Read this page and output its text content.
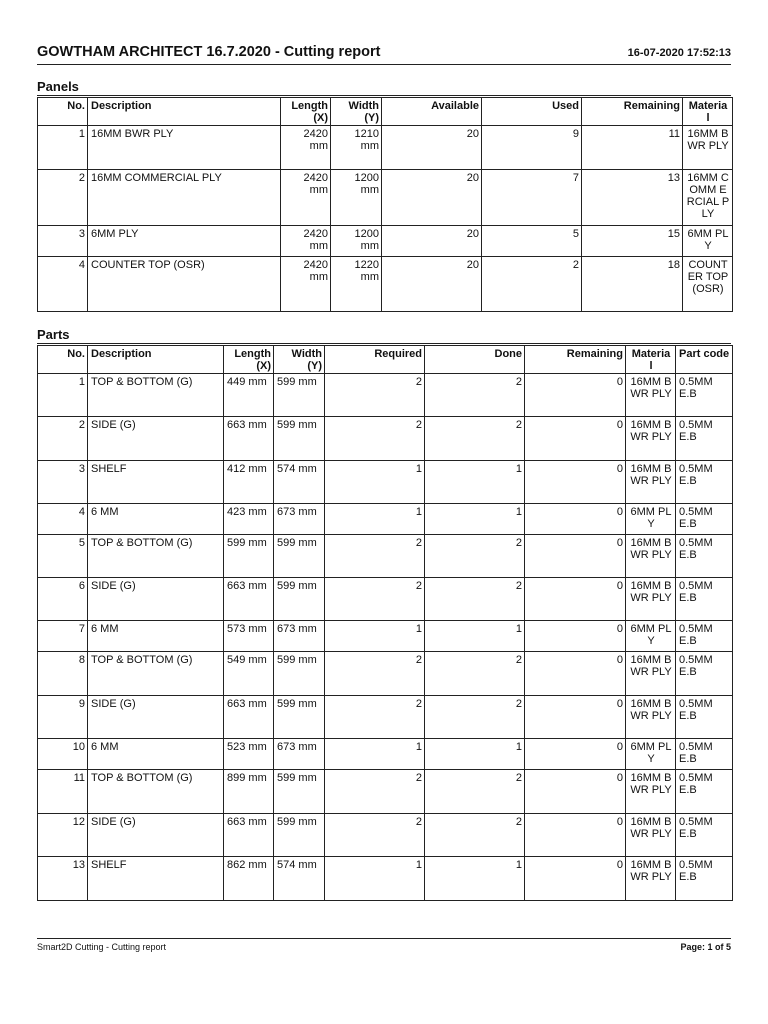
GOWTHAM ARCHITECT 16.7.2020 - Cutting report	16-07-2020 17:52:13
Panels
No.	Description	Length (X)	Width (Y)	Available	Used	Remaining	Materia l
1	16MM BWR PLY	2420 mm	1210 mm	20	9	11	16MM BWR PLY
2	16MM COMMERCIAL PLY	2420 mm	1200 mm	20	7	13	16MM COMM ERCIAL PLY
3	6MM PLY	2420 mm	1200 mm	20	5	15	6MM PLY
4	COUNTER TOP (OSR)	2420 mm	1220 mm	20	2	18	COUNT ER TOP (OSR)
Parts
No.	Description	Length (X)	Width (Y)	Required	Done	Remaining	Materia l	Part code
1	TOP & BOTTOM (G)	449 mm	599 mm	2	2	0	16MM BWR PLY	0.5MM E.B
2	SIDE (G)	663 mm	599 mm	2	2	0	16MM BWR PLY	0.5MM E.B
3	SHELF	412 mm	574 mm	1	1	0	16MM BWR PLY	0.5MM E.B
4	6 MM	423 mm	673 mm	1	1	0	6MM PLY	0.5MM E.B
5	TOP & BOTTOM (G)	599 mm	599 mm	2	2	0	16MM BWR PLY	0.5MM E.B
6	SIDE (G)	663 mm	599 mm	2	2	0	16MM BWR PLY	0.5MM E.B
7	6 MM	573 mm	673 mm	1	1	0	6MM PLY	0.5MM E.B
8	TOP & BOTTOM (G)	549 mm	599 mm	2	2	0	16MM BWR PLY	0.5MM E.B
9	SIDE (G)	663 mm	599 mm	2	2	0	16MM BWR PLY	0.5MM E.B
10	6 MM	523 mm	673 mm	1	1	0	6MM PLY	0.5MM E.B
11	TOP & BOTTOM (G)	899 mm	599 mm	2	2	0	16MM BWR PLY	0.5MM E.B
12	SIDE (G)	663 mm	599 mm	2	2	0	16MM BWR PLY	0.5MM E.B
13	SHELF	862 mm	574 mm	1	1	0	16MM BWR PLY	0.5MM E.B
Smart2D Cutting - Cutting report	Page: 1 of 5
